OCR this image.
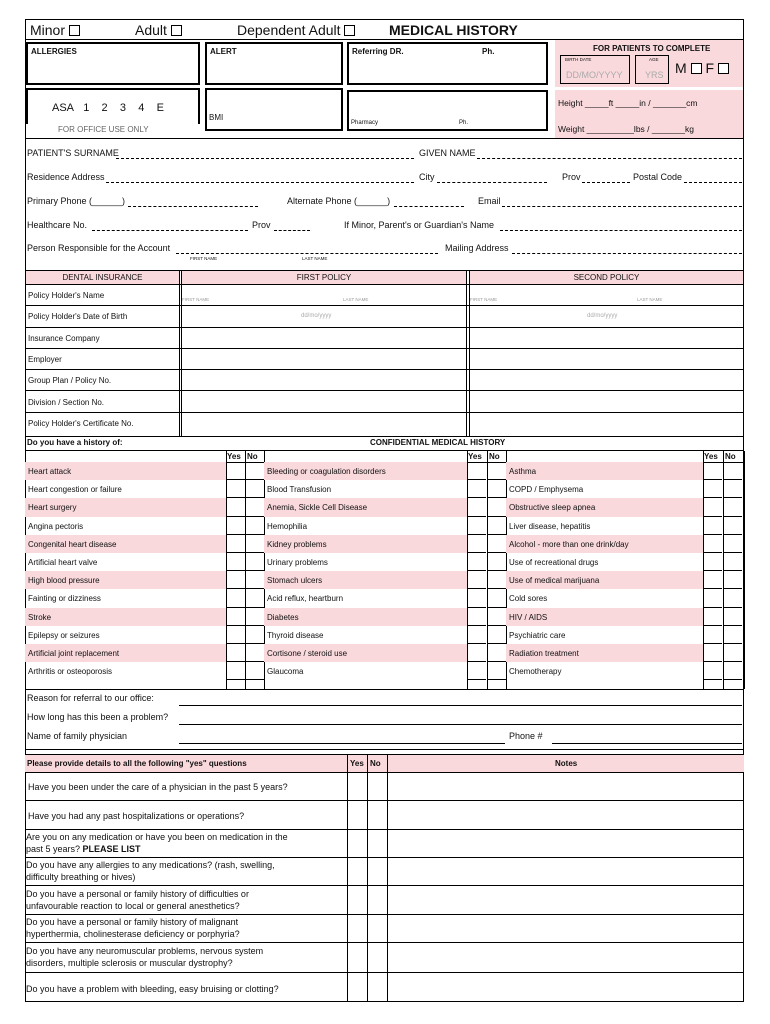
Minor	Adult	Dependent Adult	MEDICAL HISTORY
ALLERGIES	ALERT	Referring DR.	Ph.
ASA 1 2 3 4 E
FOR OFFICE USE ONLY
BMI
Pharmacy	Ph.
FOR PATIENTS TO COMPLETE
BIRTH DATE
DD/MO/YYYY
AGE
YRS M F
Height _____ft _____in / _______cm
Weight __________lbs / _______kg
PATIENT'S SURNAME	GIVEN NAME
Residence Address	City	Prov	Postal Code
Primary Phone (______)	Alternate Phone (______)	Email
Healthcare No.	Prov	If Minor, Parent's or Guardian's Name
Person Responsible for the Account
FIRST NAME	LAST NAME
Mailing Address
DENTAL INSURANCE	FIRST POLICY	SECOND POLICY
Policy Holder's Name	FIRST NAME	LAST NAME	FIRST NAME	LAST NAME
Policy Holder's Date of Birth	dd/mo/yyyy	dd/mo/yyyy
Insurance Company
Employer
Group Plan / Policy No.
Division / Section No.
Policy Holder's Certificate No.
Do you have a history of:	CONFIDENTIAL MEDICAL HISTORY
Yes No
Heart attack
Heart congestion or failure
Heart surgery
Angina pectoris
Congenital heart disease
Artificial heart valve
High blood pressure
Fainting or dizziness
Stroke
Epilepsy or seizures
Artificial joint replacement
Arthritis or osteoporosis
Yes No
Bleeding or coagulation disorders
Blood Transfusion
Anemia, Sickle Cell Disease
Hemophilia
Kidney problems
Urinary problems
Stomach ulcers
Acid reflux, heartburn
Diabetes
Thyroid disease
Cortisone / steroid use
Glaucoma
Yes No
Asthma
COPD / Emphysema
Obstructive sleep apnea
Liver disease, hepatitis
Alcohol - more than one drink/day
Use of recreational drugs
Use of medical marijuana
Cold sores
HIV / AIDS
Psychiatric care
Radiation treatment
Chemotherapy
Reason for referral to our office:
How long has this been a problem?
Name of family physician	Phone #
Please provide details to all the following "yes" questions	Yes No	Notes
Have you been under the care of a physician in the past 5 years?
Have you had any past hospitalizations or operations?
Are you on any medication or have you been on medication in the
past 5 years? PLEASE LIST
Do you have any allergies to any medications? (rash, swelling,
difficulty breathing or hives)
Do you have a personal or family history of difficulties or
unfavourable reaction to local or general anesthetics?
Do you have a personal or family history of malignant
hyperthermia, cholinesterase deficiency or porphyria?
Do you have any neuromuscular problems, nervous system
disorders, multiple sclerosis or muscular dystrophy?
Do you have a problem with bleeding, easy bruising or clotting?
